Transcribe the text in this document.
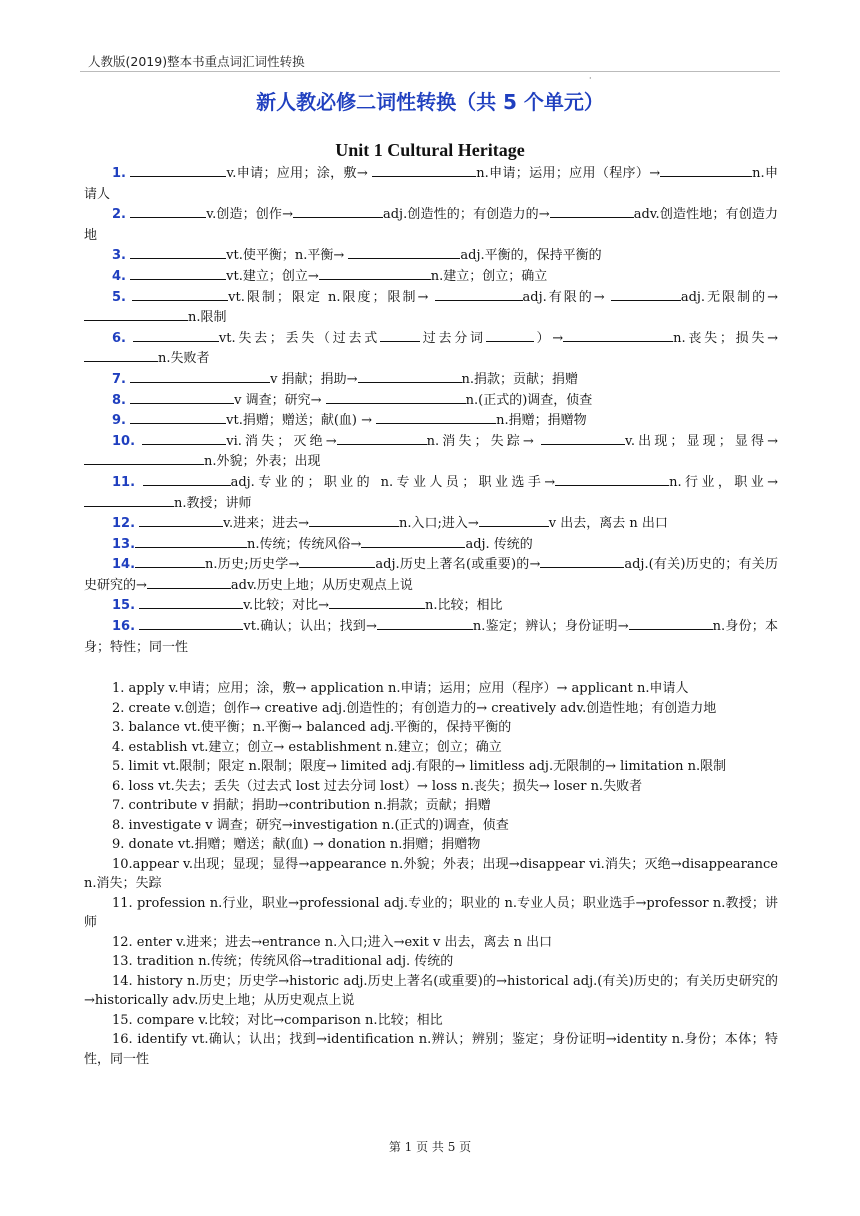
人教版(2019)整本书重点词汇词性转换
·
新人教必修二词性转换（共 5 个单元）
Unit 1 Cultural Heritage

1.	v.申请；应用；涂，敷→	n.申请；运用；应用（程序）→	n.申请人

2.	v.创造；创作→	adj.创造性的；有创造力的→	adv.创造性地；有创造力地

3.	vt.使平衡；n.平衡→	adj.平衡的，保持平衡的

4.	vt.建立；创立→	n.建立；创立；确立

5.	vt.限制；限定 n.限度；限制→	adj.有限的→	adj.无限制的→n.限制

6.	vt.失去；丢失（过去式	过去分词	）→	n.丧失；损失→n.失败者

7.	v 捐献；捐助→	n.捐款；贡献；捐赠

8.	v 调查；研究→	n.(正式的)调查，侦查

9.	vt.捐赠；赠送；献(血) →	n.捐赠；捐赠物

10.	vi.消失；灭绝→	n.消失；失踪→	v.出现；显现；显得→n.外貌；外表；出现

11.	adj.专业的；职业的 n.专业人员；职业选手→	n.行业，职业→n.教授；讲师

12.	v.进来；进去→	n.入口;进入→	v 出去，离去 n 出口

13.	n.传统；传统风俗→	adj. 传统的

14.	n.历史;历史学→	adj.历史上著名(或重要)的→	adj.(有关)历史的；有关历史研究的→	adv.历史上地；从历史观点上说

15.	v.比较；对比→	n.比较；相比

16.	vt.确认；认出；找到→	n.鉴定；辨认；身份证明→	n.身份；本身；特性；同一性

1. apply v.申请；应用；涂，敷→ application n.申请；运用；应用（程序）→ applicant n.申请人

2. create v.创造；创作→ creative adj.创造性的；有创造力的→ creatively adv.创造性地；有创造力地

3. balance vt.使平衡；n.平衡→ balanced adj.平衡的，保持平衡的

4. establish vt.建立；创立→ establishment n.建立；创立；确立

5. limit vt.限制；限定 n.限制；限度→ limited adj.有限的→ limitless adj.无限制的→ limitation n.限制

6. loss vt.失去；丢失（过去式 lost 过去分词 lost）→ loss n.丧失；损失→ loser n.失败者

7. contribute v 捐献；捐助→contribution n.捐款；贡献；捐赠

8. investigate v 调查；研究→investigation n.(正式的)调查，侦查

9. donate vt.捐赠；赠送；献(血) → donation n.捐赠；捐赠物

10.appear v.出现；显现；显得→appearance n.外貌；外表；出现→disappear vi.消失；灭绝→disappearance n.消失；失踪

11. profession n.行业，职业→professional adj.专业的；职业的 n.专业人员；职业选手→professor n.教授；讲师

12. enter v.进来；进去→entrance n.入口;进入→exit v 出去，离去 n 出口

13. tradition n.传统；传统风俗→traditional adj. 传统的

14. history n.历史；历史学→historic adj.历史上著名(或重要)的→historical adj.(有关)历史的；有关历史研究的→historically adv.历史上地；从历史观点上说

15. compare v.比较；对比→comparison n.比较；相比

16. identify vt.确认；认出；找到→identification n.辨认；辨别；鉴定；身份证明→identity n.身份；本体；特性，同一性

第 1 页 共 5 页
